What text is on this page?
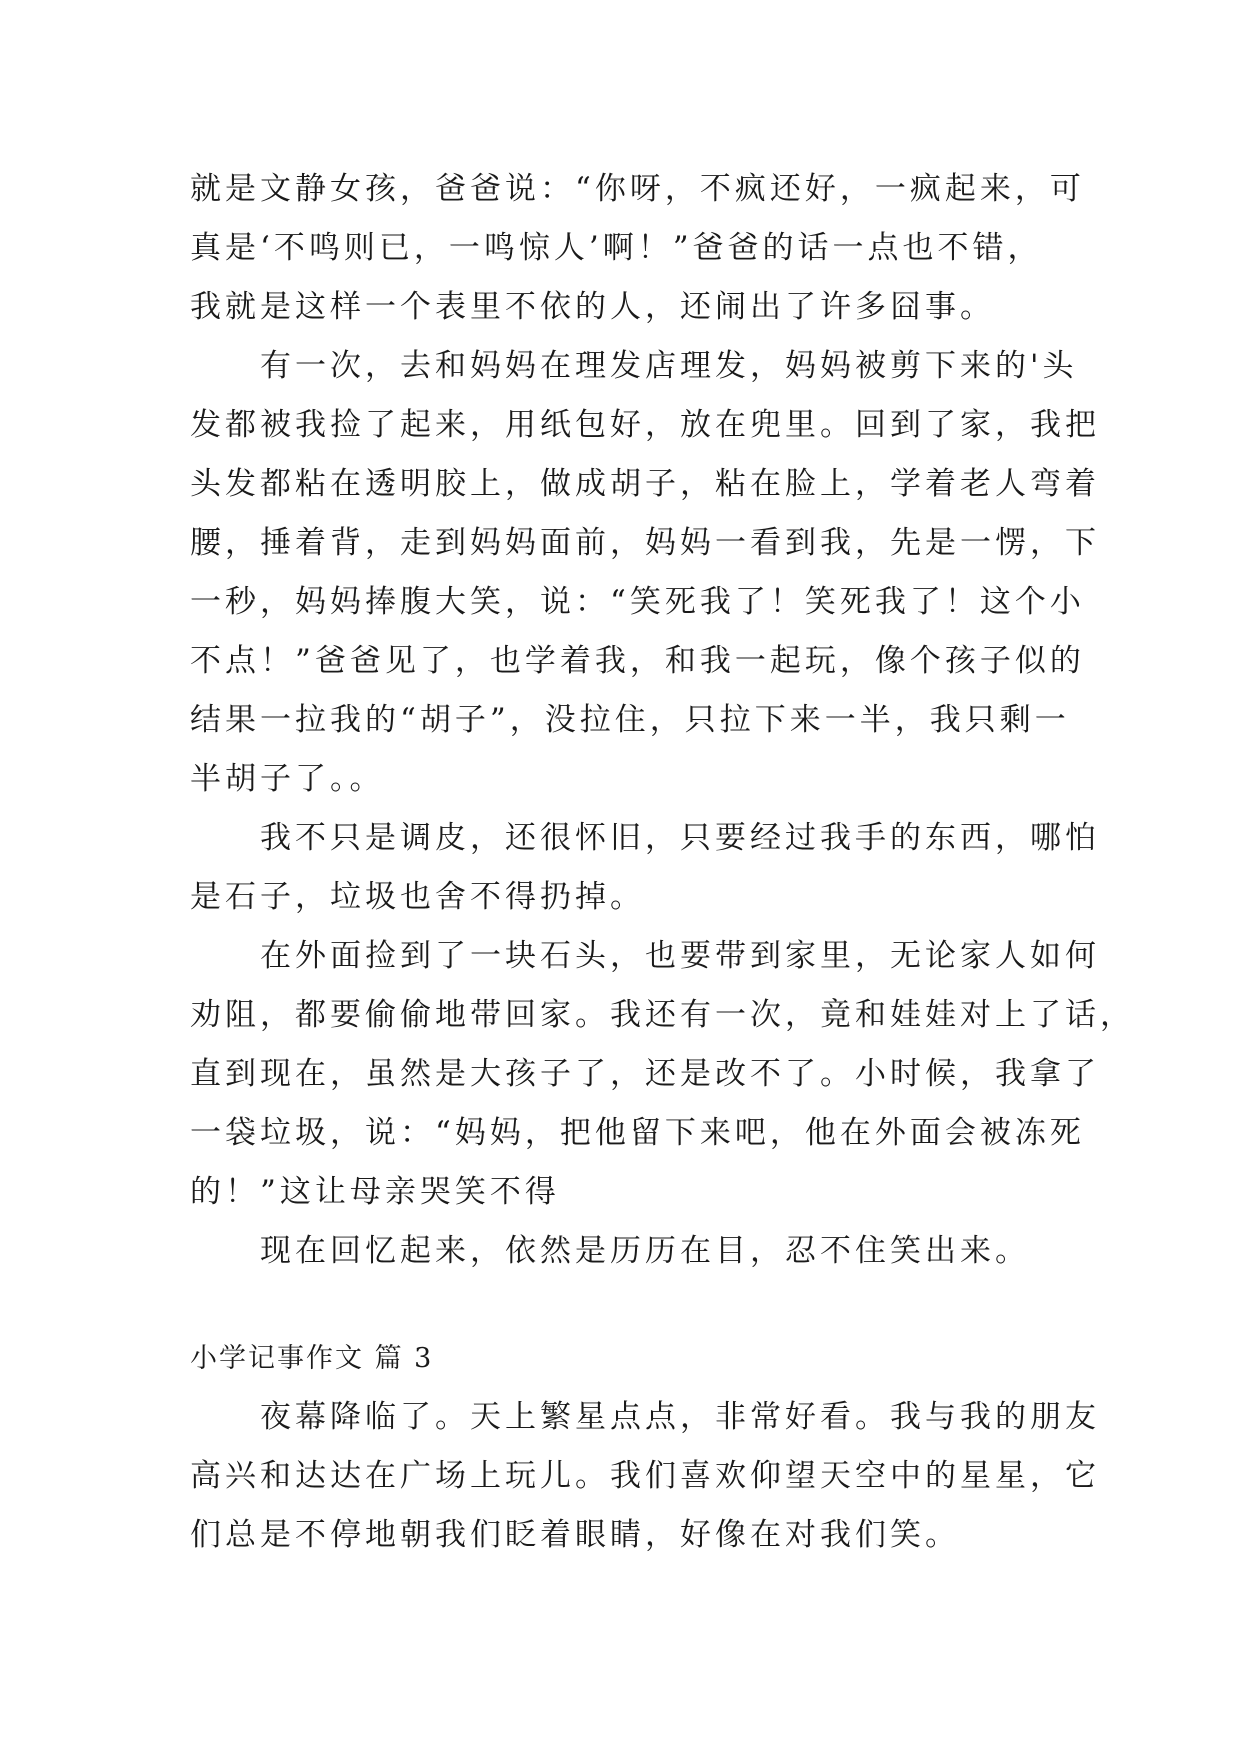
就是文静女孩，爸爸说：“你呀，不疯还好，一疯起来，可
真是‘不鸣则已，一鸣惊人’啊！”爸爸的话一点也不错，
我就是这样一个表里不依的人，还闹出了许多囧事。
　　有一次，去和妈妈在理发店理发，妈妈被剪下来的'头
发都被我捡了起来，用纸包好，放在兜里。回到了家，我把
头发都粘在透明胶上，做成胡子，粘在脸上，学着老人弯着
腰，捶着背，走到妈妈面前，妈妈一看到我，先是一愣，下
一秒，妈妈捧腹大笑，说：“笑死我了！笑死我了！这个小
不点！”爸爸见了，也学着我，和我一起玩，像个孩子似的
结果一拉我的“胡子”，没拉住，只拉下来一半，我只剩一
半胡子了。。
　　我不只是调皮，还很怀旧，只要经过我手的东西，哪怕
是石子，垃圾也舍不得扔掉。
　　在外面捡到了一块石头，也要带到家里，无论家人如何
劝阻，都要偷偷地带回家。我还有一次，竟和娃娃对上了话，
直到现在，虽然是大孩子了，还是改不了。小时候，我拿了
一袋垃圾，说：“妈妈，把他留下来吧，他在外面会被冻死
的！”这让母亲哭笑不得
　　现在回忆起来，依然是历历在目，忍不住笑出来。
小学记事作文 篇 3
　　夜幕降临了。天上繁星点点，非常好看。我与我的朋友
高兴和达达在广场上玩儿。我们喜欢仰望天空中的星星，它
们总是不停地朝我们眨着眼睛，好像在对我们笑。
